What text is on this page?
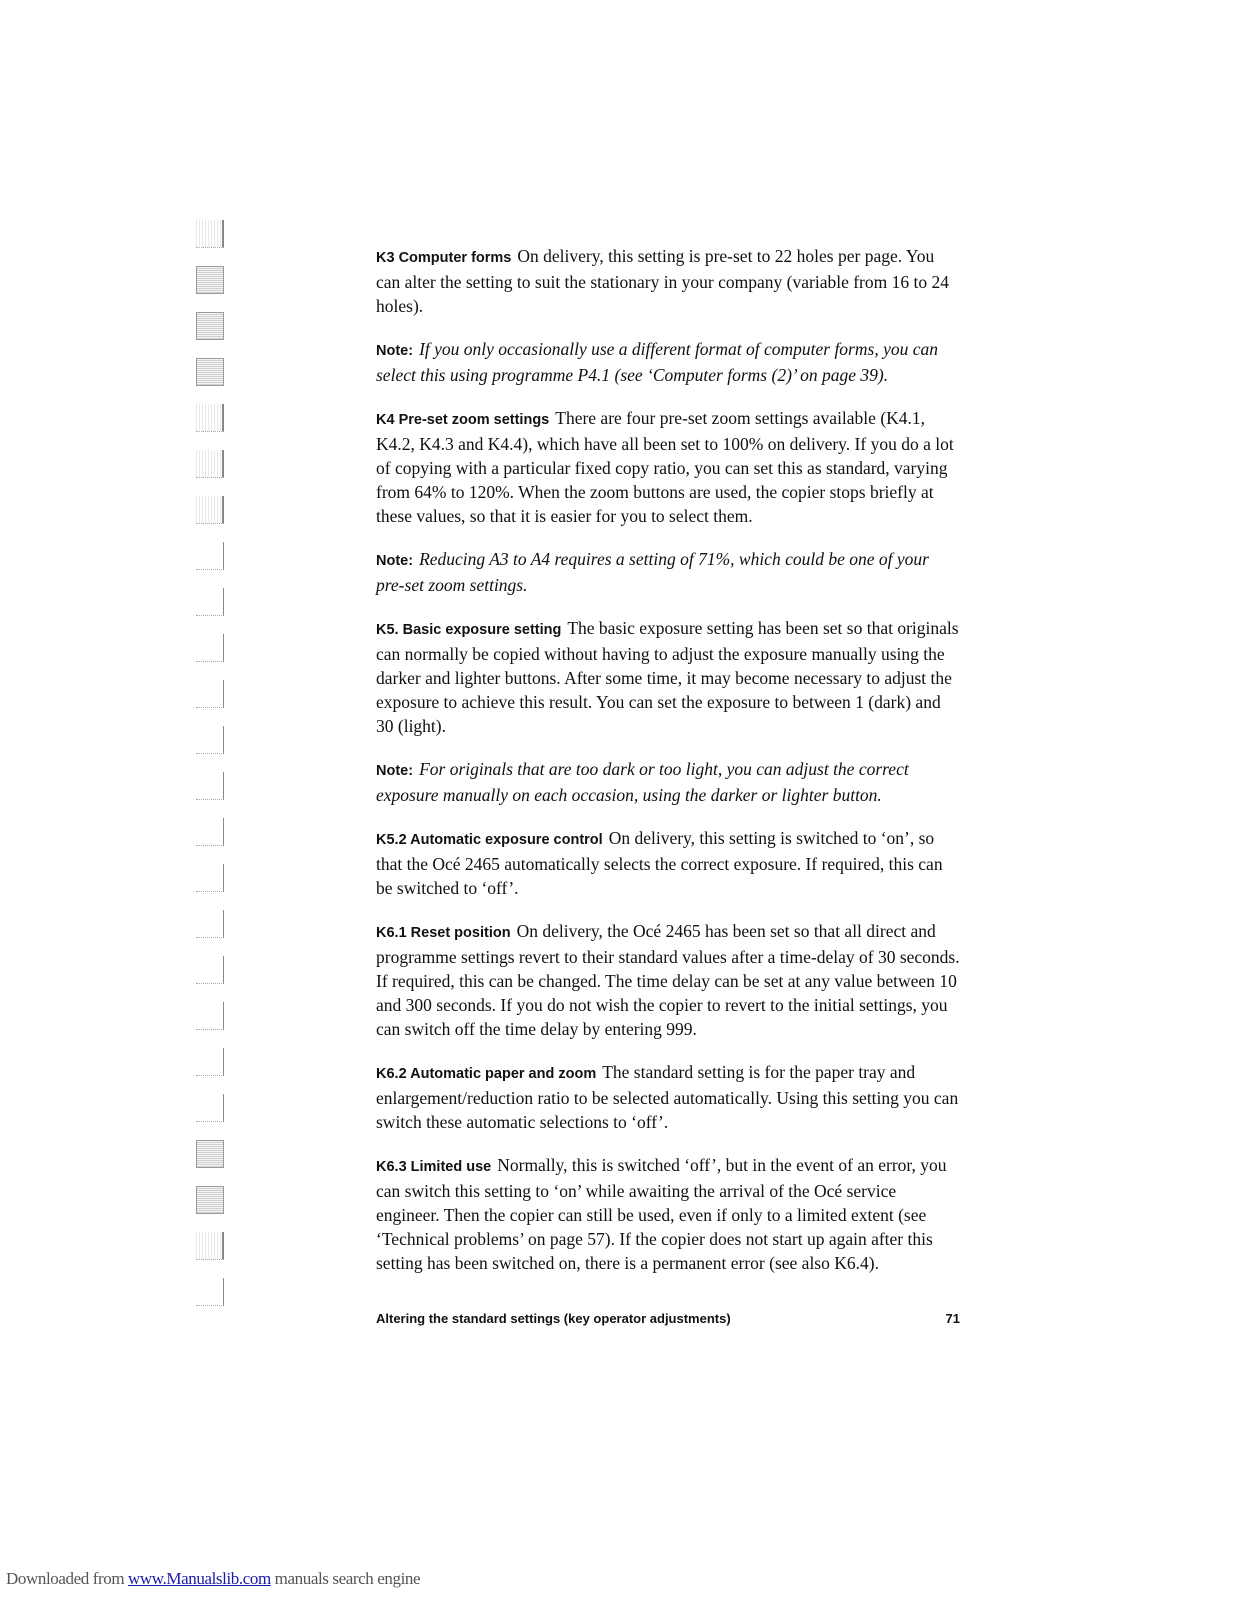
K3 Computer forms On delivery, this setting is pre-set to 22 holes per page. You can alter the setting to suit the stationary in your company (variable from 16 to 24 holes).

Note: If you only occasionally use a different format of computer forms, you can select this using programme P4.1 (see ‘Computer forms (2)’ on page 39).

K4 Pre-set zoom settings There are four pre-set zoom settings available (K4.1, K4.2, K4.3 and K4.4), which have all been set to 100% on delivery. If you do a lot of copying with a particular fixed copy ratio, you can set this as standard, varying from 64% to 120%. When the zoom buttons are used, the copier stops briefly at these values, so that it is easier for you to select them.

Note: Reducing A3 to A4 requires a setting of 71%, which could be one of your pre-set zoom settings.

K5. Basic exposure setting The basic exposure setting has been set so that originals can normally be copied without having to adjust the exposure manually using the darker and lighter buttons. After some time, it may become necessary to adjust the exposure to achieve this result. You can set the exposure to between 1 (dark) and 30 (light).

Note: For originals that are too dark or too light, you can adjust the correct exposure manually on each occasion, using the darker or lighter button.

K5.2 Automatic exposure control On delivery, this setting is switched to ‘on’, so that the Océ 2465 automatically selects the correct exposure. If required, this can be switched to ‘off’.

K6.1 Reset position On delivery, the Océ 2465 has been set so that all direct and programme settings revert to their standard values after a time-delay of 30 seconds. If required, this can be changed. The time delay can be set at any value between 10 and 300 seconds. If you do not wish the copier to revert to the initial settings, you can switch off the time delay by entering 999.

K6.2 Automatic paper and zoom The standard setting is for the paper tray and enlargement/reduction ratio to be selected automatically. Using this setting you can switch these automatic selections to ‘off’.

K6.3 Limited use Normally, this is switched ‘off’, but in the event of an error, you can switch this setting to ‘on’ while awaiting the arrival of the Océ service engineer. Then the copier can still be used, even if only to a limited extent (see ‘Technical problems’ on page 57). If the copier does not start up again after this setting has been switched on, there is a permanent error (see also K6.4).

Altering the standard settings (key operator adjustments)	71
Downloaded from www.Manualslib.com manuals search engine
